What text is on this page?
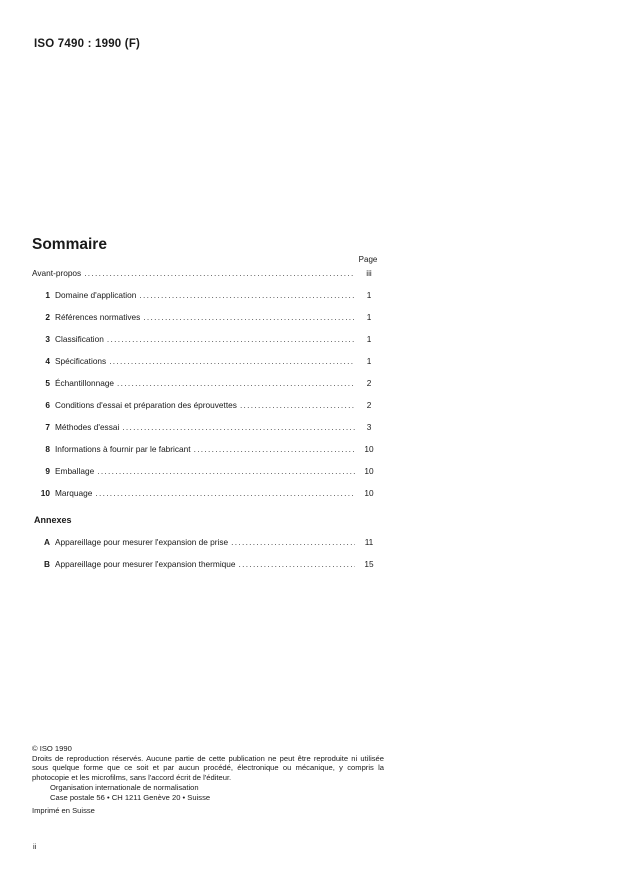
ISO 7490 : 1990 (F)
Sommaire
Page
Avant-propos .....	iii
1 Domaine d'application .....	1
2 Références normatives .....	1
3 Classification .....	1
4 Spécifications .....	1
5 Échantillonnage .....	2
6 Conditions d'essai et préparation des éprouvettes .....	2
7 Méthodes d'essai .....	3
8 Informations à fournir par le fabricant .....	10
9 Emballage .....	10
10 Marquage .....	10
Annexes
A Appareillage pour mesurer l'expansion de prise .....	11
B Appareillage pour mesurer l'expansion thermique .....	15
© ISO 1990
Droits de reproduction réservés. Aucune partie de cette publication ne peut être reproduite ni utilisée sous quelque forme que ce soit et par aucun procédé, électronique ou mécanique, y compris la photocopie et les microfilms, sans l'accord écrit de l'éditeur.
Organisation internationale de normalisation
Case postale 56 • CH 1211 Genève 20 • Suisse
Imprimé en Suisse
ii
